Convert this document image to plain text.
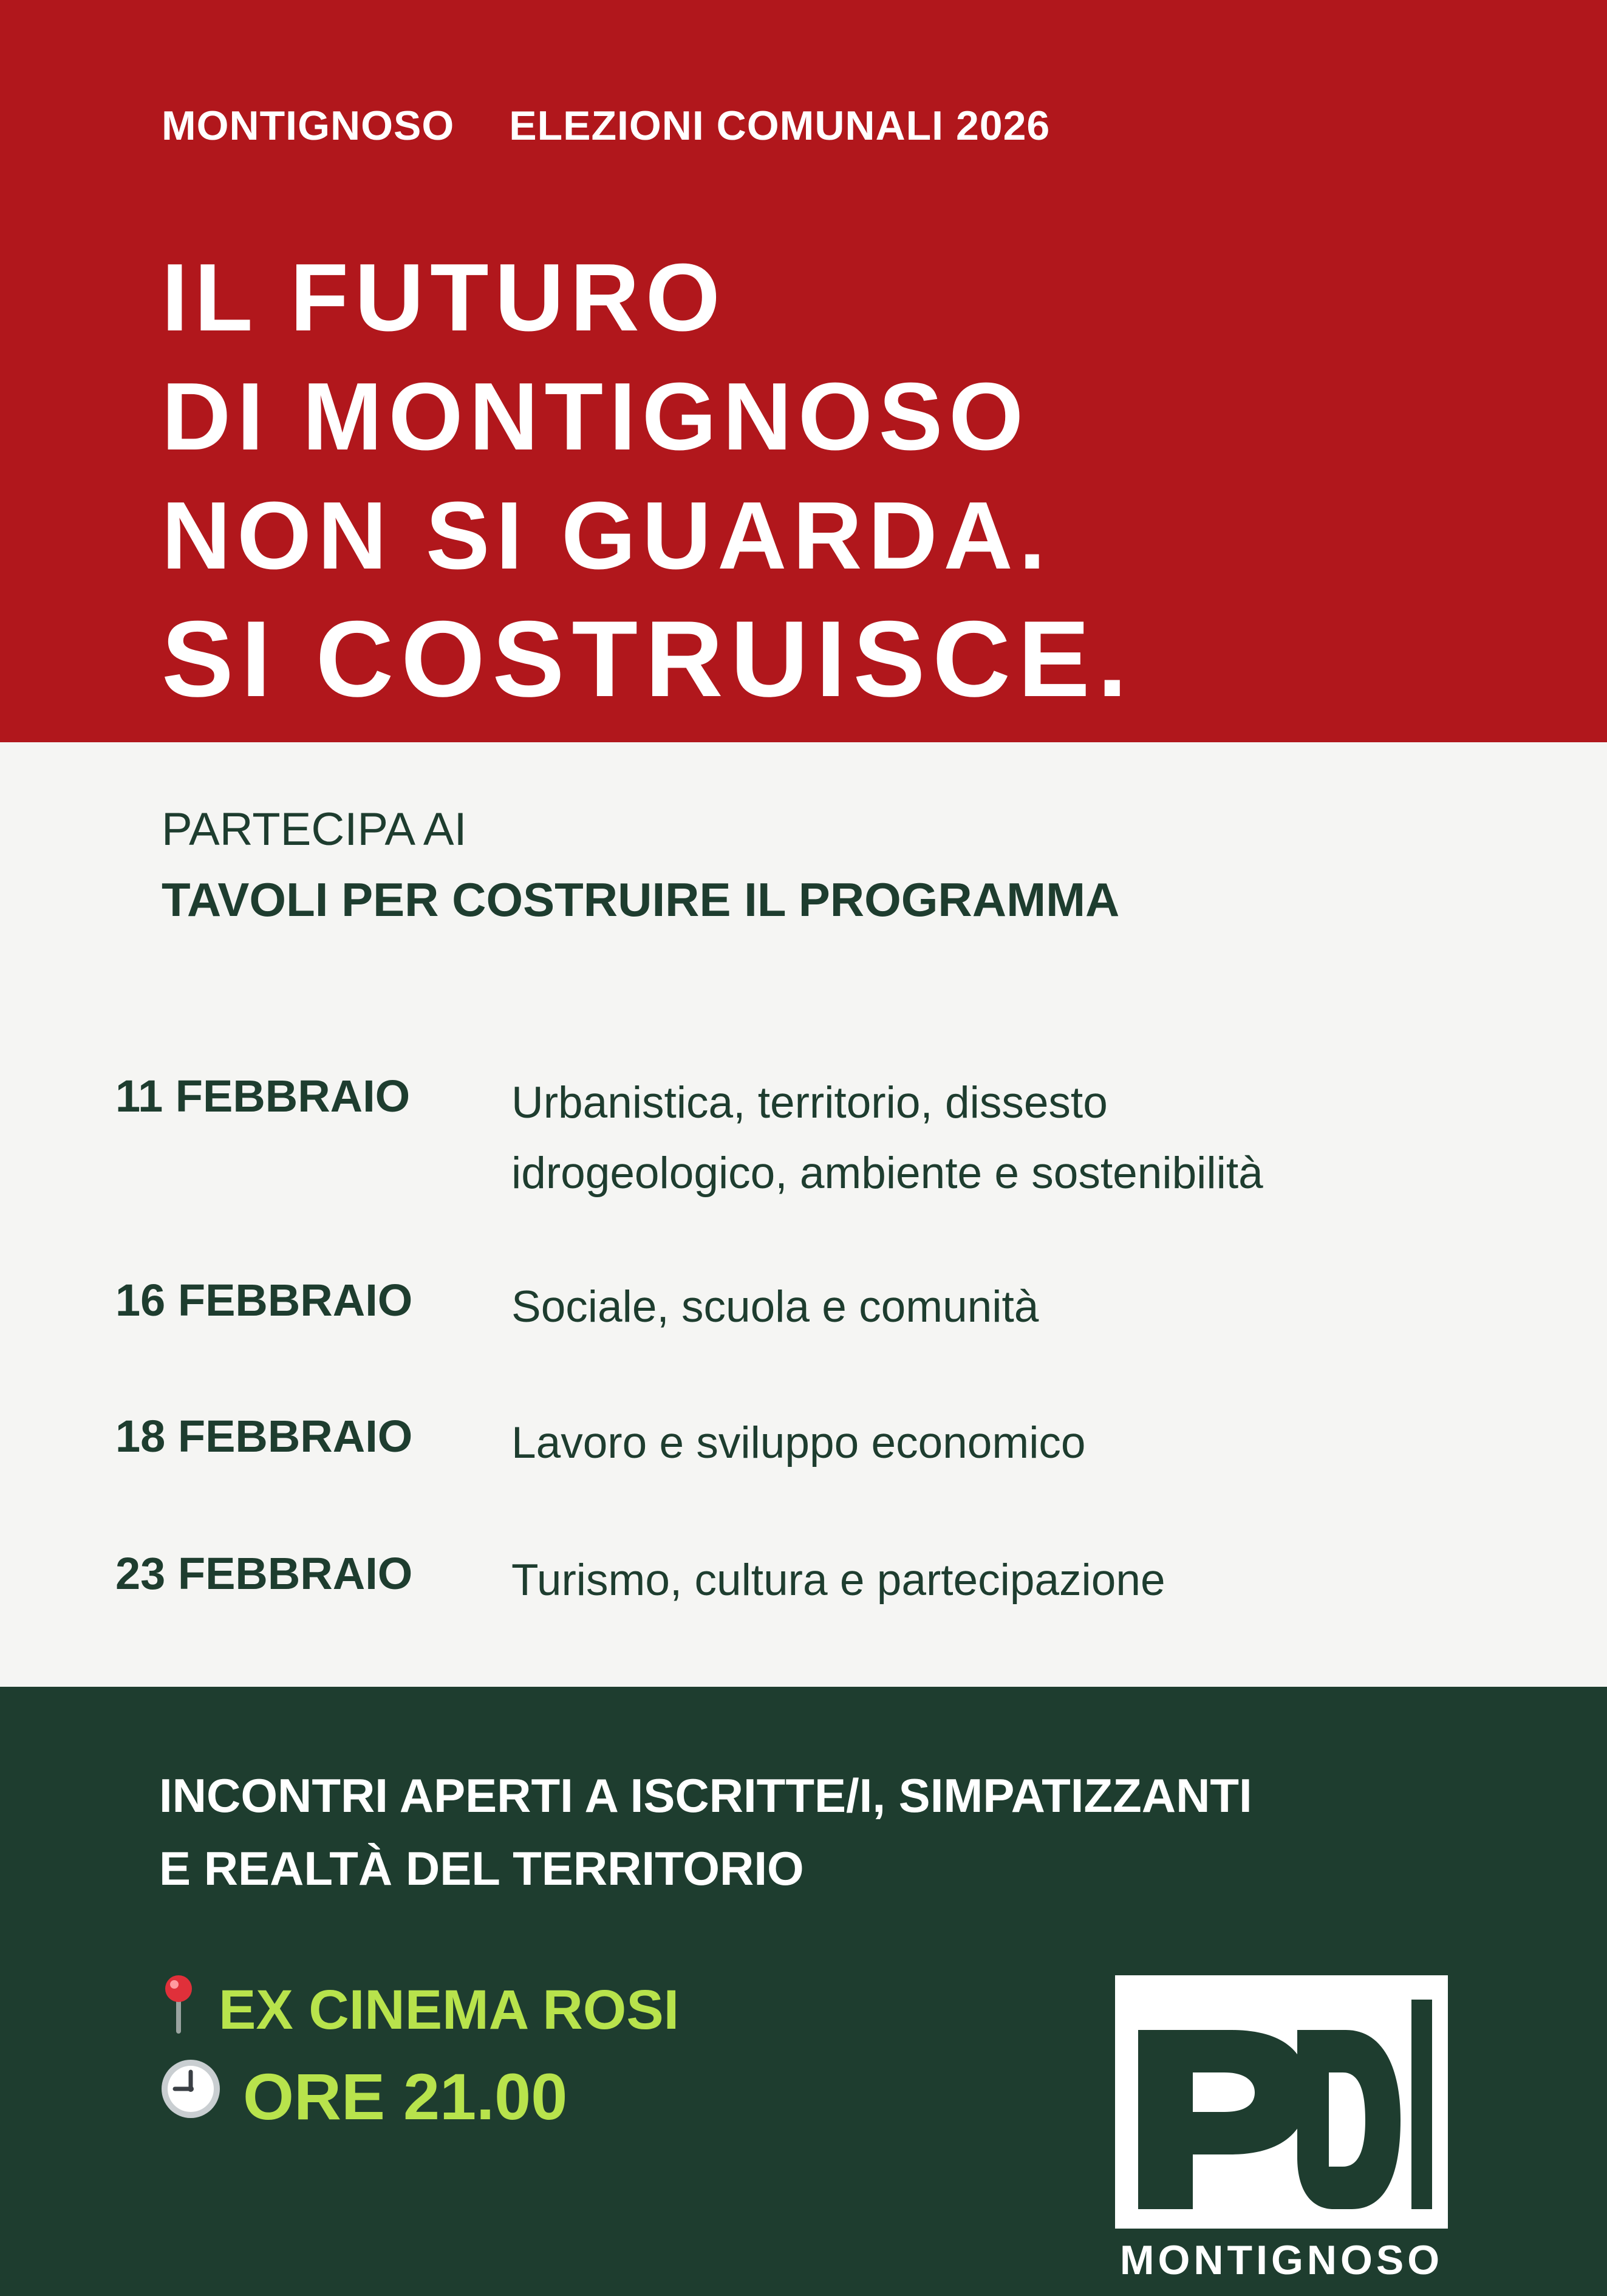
MONTIGNOSO ELEZIONI COMUNALI 2026
IL FUTURO
DI MONTIGNOSO
NON SI GUARDA.
SI COSTRUISCE.
PARTECIPA AI
TAVOLI PER COSTRUIRE IL PROGRAMMA
11 FEBBRAIO Urbanistica, territorio, dissesto
idrogeologico, ambiente e sostenibilità
16 FEBBRAIO Sociale, scuola e comunità
18 FEBBRAIO Lavoro e sviluppo economico
23 FEBBRAIO Turismo, cultura e partecipazione
INCONTRI APERTI A ISCRITTE/I, SIMPATIZZANTI
E REALTÀ DEL TERRITORIO
EX CINEMA ROSI
ORE 21.00
MONTIGNOSO
